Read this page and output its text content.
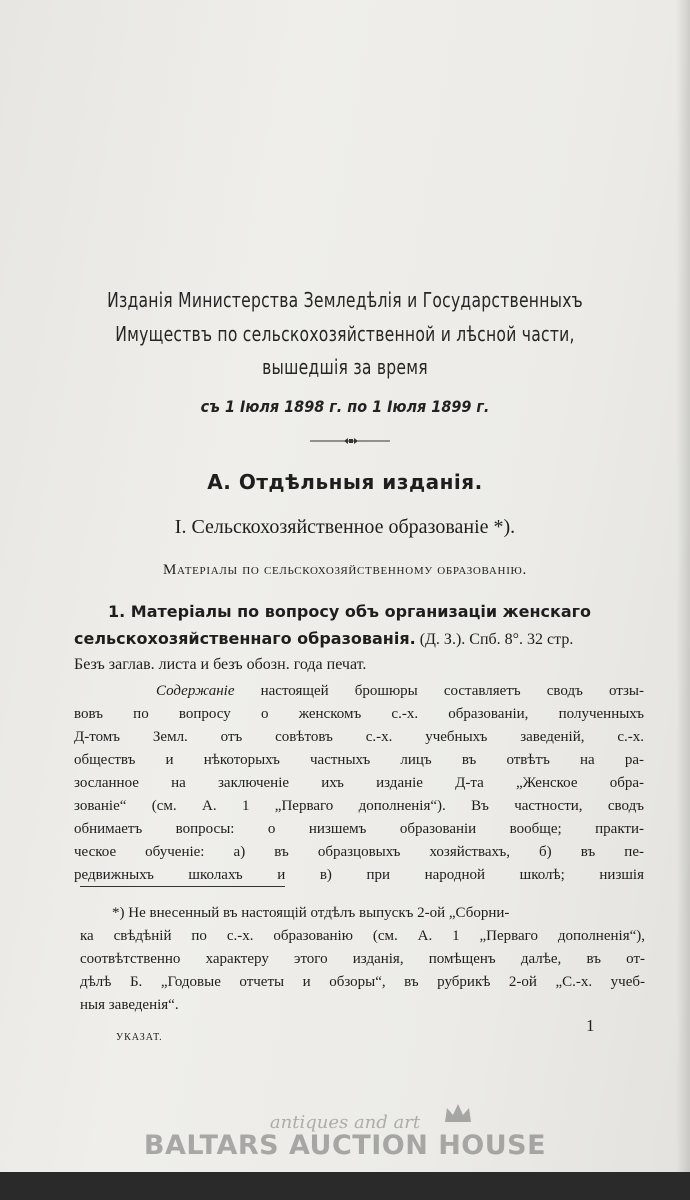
Изданія Министерства Земледѣлія и Государственныхъ
Имуществъ по сельскохозяйственной и лѣсной части,
вышедшія за время
съ 1 Іюля 1898 г. по 1 Іюля 1899 г.
А. Отдѣльныя изданія.
I. Сельскохозяйственное образованіе *).
Матеріалы по сельскохозяйственному образованію.
1. Матеріалы по вопросу объ организаціи женскаго
сельскохозяйственнаго образованія. (Д. З.). Спб. 8°. 32 стр.
Безъ заглав. листа и безъ обозн. года печат.
Содержаніе настоящей брошюры составляетъ сводъ отзы-
вовъ по вопросу о женскомъ с.-х. образованіи, полученныхъ
Д-томъ Земл. отъ совѣтовъ с.-х. учебныхъ заведеній, с.-х.
обществъ и нѣкоторыхъ частныхъ лицъ въ отвѣтъ на ра-
зосланное на заключеніе ихъ изданіе Д-та „Женское обра-
зованіе“ (см. А. 1 „Перваго дополненія“). Въ частности, сводъ
обнимаетъ вопросы: о низшемъ образованіи вообще; практи-
ческое обученіе: а) въ образцовыхъ хозяйствахъ, б) въ пе-
редвижныхъ школахъ и в) при народной школѣ; низшія
*) Не внесенный въ настоящій отдѣлъ выпускъ 2-ой „Сборни-
ка свѣдѣній по с.-х. образованію (см. А. 1 „Перваго дополненія“),
соотвѣтственно характеру этого изданія, помѣщенъ далѣе, въ от-
дѣлѣ Б. „Годовые отчеты и обзоры“, въ рубрикѣ 2-ой „С.-х. учеб-
ныя заведенія“.
УКАЗАТ.
1
antiques and art
BALTARS AUCTION HOUSE
